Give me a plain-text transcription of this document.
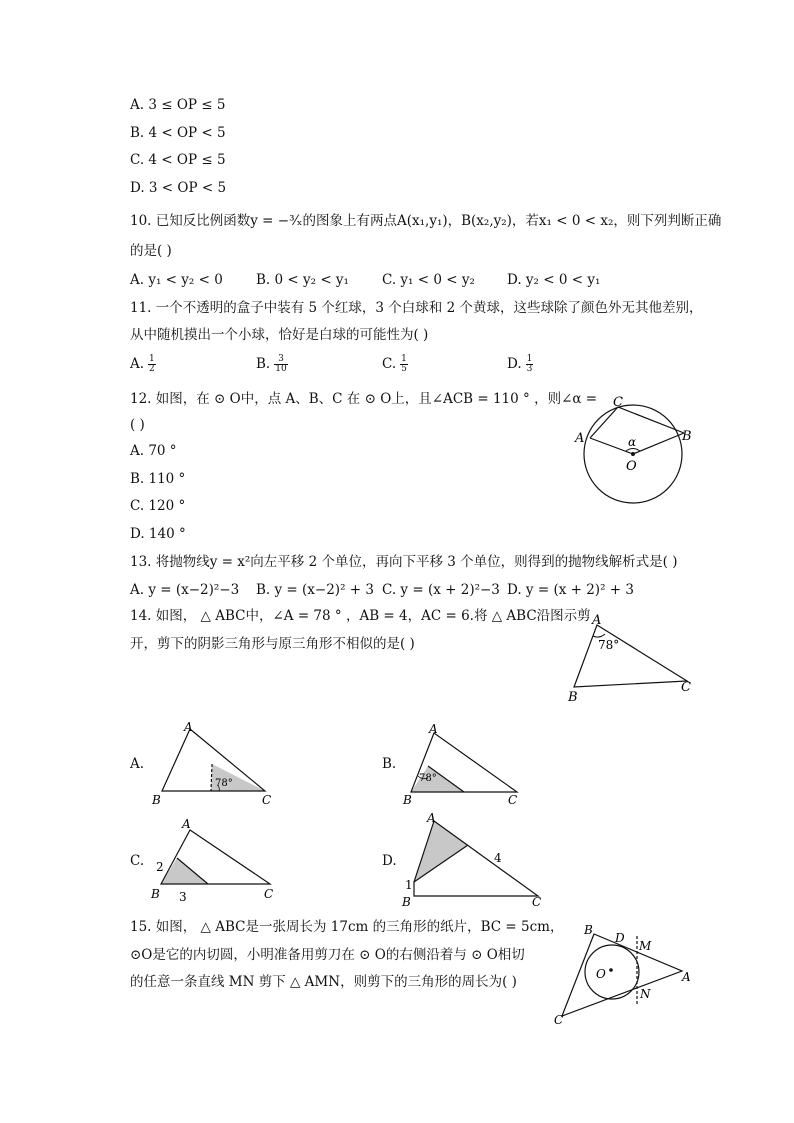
A. 3 ≤ OP ≤ 5
B. 4 < OP < 5
C. 4 < OP ≤ 5
D. 3 < OP < 5
10. 已知反比例函数y = −³⁄ₓ的图象上有两点A(x₁,y₁)，B(x₂,y₂)，若x₁ < 0 < x₂，则下列判断正确
的是( )
A. y₁ < y₂ < 0 B. 0 < y₂ < y₁ C. y₁ < 0 < y₂ D. y₂ < 0 < y₁
11. 一个不透明的盒子中装有 5 个红球，3 个白球和 2 个黄球，这些球除了颜色外无其他差别，
从中随机摸出一个小球，恰好是白球的可能性为( )
A. $\frac{1}{2}$	B. $\frac{3}{10}$	C. $\frac{1}{5}$	D. $\frac{1}{3}$
12. 如图，在 ⊙ O中，点 A、B、C 在 ⊙ O上，且∠ACB = 110 ° ，则∠α =
( )
A. 70 °
B. 110 °
C. 120 °
D. 140 °
C
A	B
α
O
13. 将抛物线y = x²向左平移 2 个单位，再向下平移 3 个单位，则得到的抛物线解析式是( )
A. y = (x−2)²−3 B. y = (x−2)² + 3 C. y = (x + 2)²−3 D. y = (x + 2)² + 3
14. 如图， △ ABC中，∠A = 78 ° ，AB = 4，AC = 6.将 △ ABC沿图示剪
开，剪下的阴影三角形与原三角形不相似的是( )
A
78°
B
C
A.
78°
A
B	C
B.
78°
A
B	C
C.
A
2
3
B	C
D.
A
4
1
B	C
15. 如图， △ ABC是一张周长为 17cm 的三角形的纸片，BC = 5cm，
⊙O是它的内切圆，小明准备用剪刀在 ⊙ O的右侧沿着与 ⊙ O相切
的任意一条直线 MN 剪下 △ AMN，则剪下的三角形的周长为( )
B
D
M
O	A
N
C
